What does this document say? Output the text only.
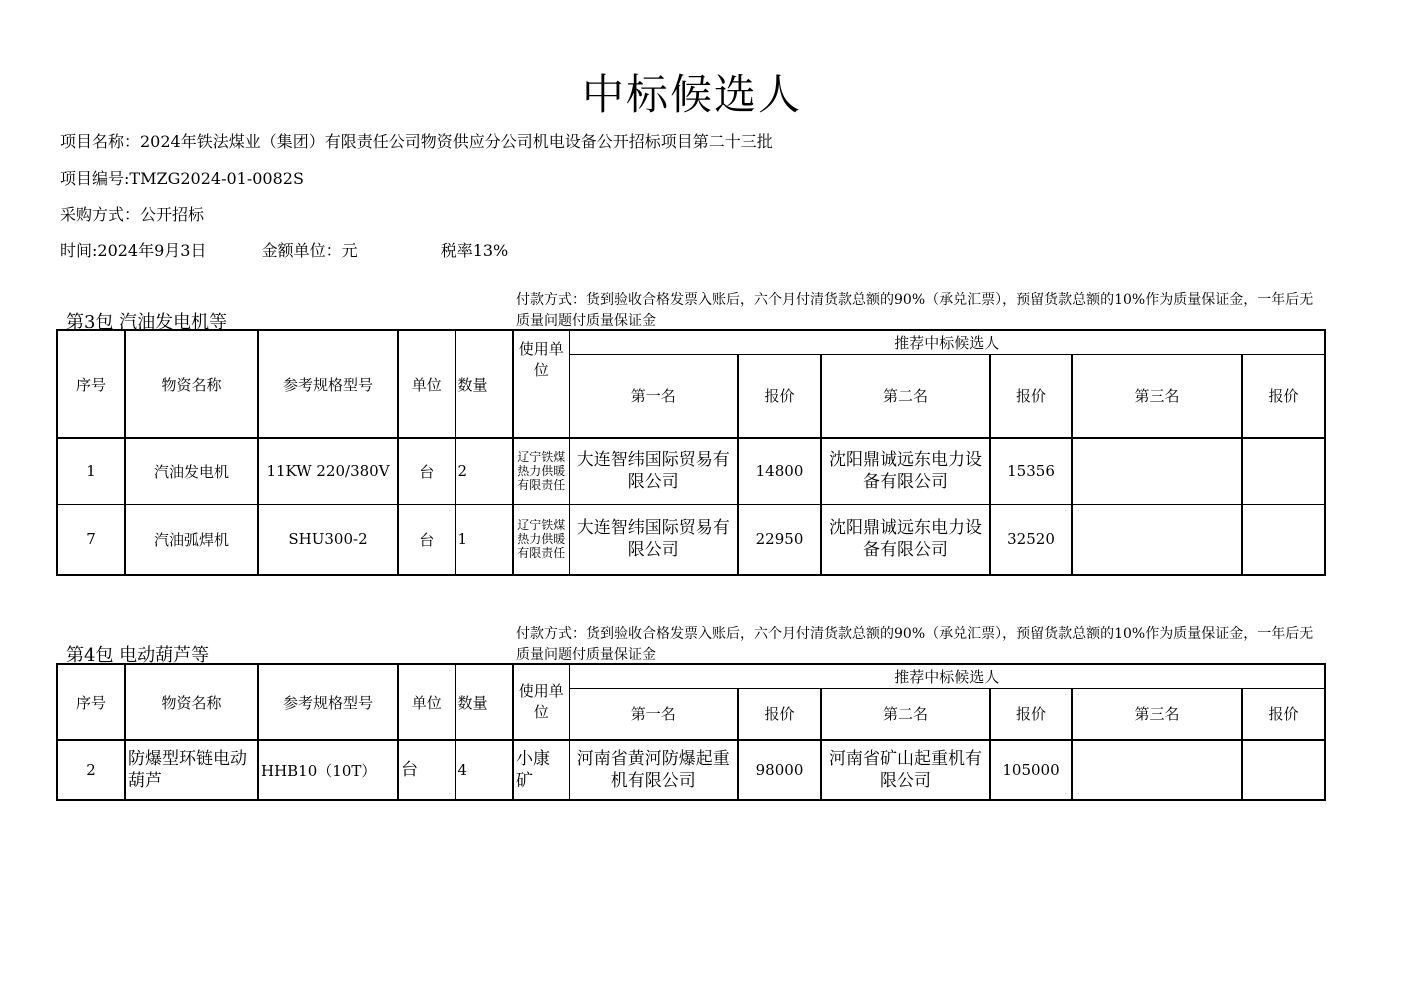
中标候选人
项目名称：2024年铁法煤业（集团）有限责任公司物资供应分公司机电设备公开招标项目第二十三批
项目编号:TMZG2024-01-0082S
采购方式：公开招标
时间:2024年9月3日	金额单位：元	税率13%
第3包 汽油发电机等
付款方式：货到验收合格发票入账后，六个月付清货款总额的90%（承兑汇票），预留货款总额的10%作为质量保证金，一年后无质量问题付质量保证金
序号	物资名称	参考规格型号	单位	数量	使用单位	推荐中标候选人					
						第一名	报价	第二名	报价	第三名	报价
1	汽油发电机	11KW 220/380V	台	2	辽宁铁煤热力供暖有限责任	大连智纬国际贸易有限公司	14800	沈阳鼎诚远东电力设备有限公司	15356		
7	汽油弧焊机	SHU300-2	台	1	辽宁铁煤热力供暖有限责任	大连智纬国际贸易有限公司	22950	沈阳鼎诚远东电力设备有限公司	32520		
第4包 电动葫芦等
付款方式：货到验收合格发票入账后，六个月付清货款总额的90%（承兑汇票），预留货款总额的10%作为质量保证金，一年后无质量问题付质量保证金
序号	物资名称	参考规格型号	单位	数量	使用单位	推荐中标候选人					
						第一名	报价	第二名	报价	第三名	报价
2	防爆型环链电动葫芦	HHB10（10T）	台	4	小康矿	河南省黄河防爆起重机有限公司	98000	河南省矿山起重机有限公司	105000		
